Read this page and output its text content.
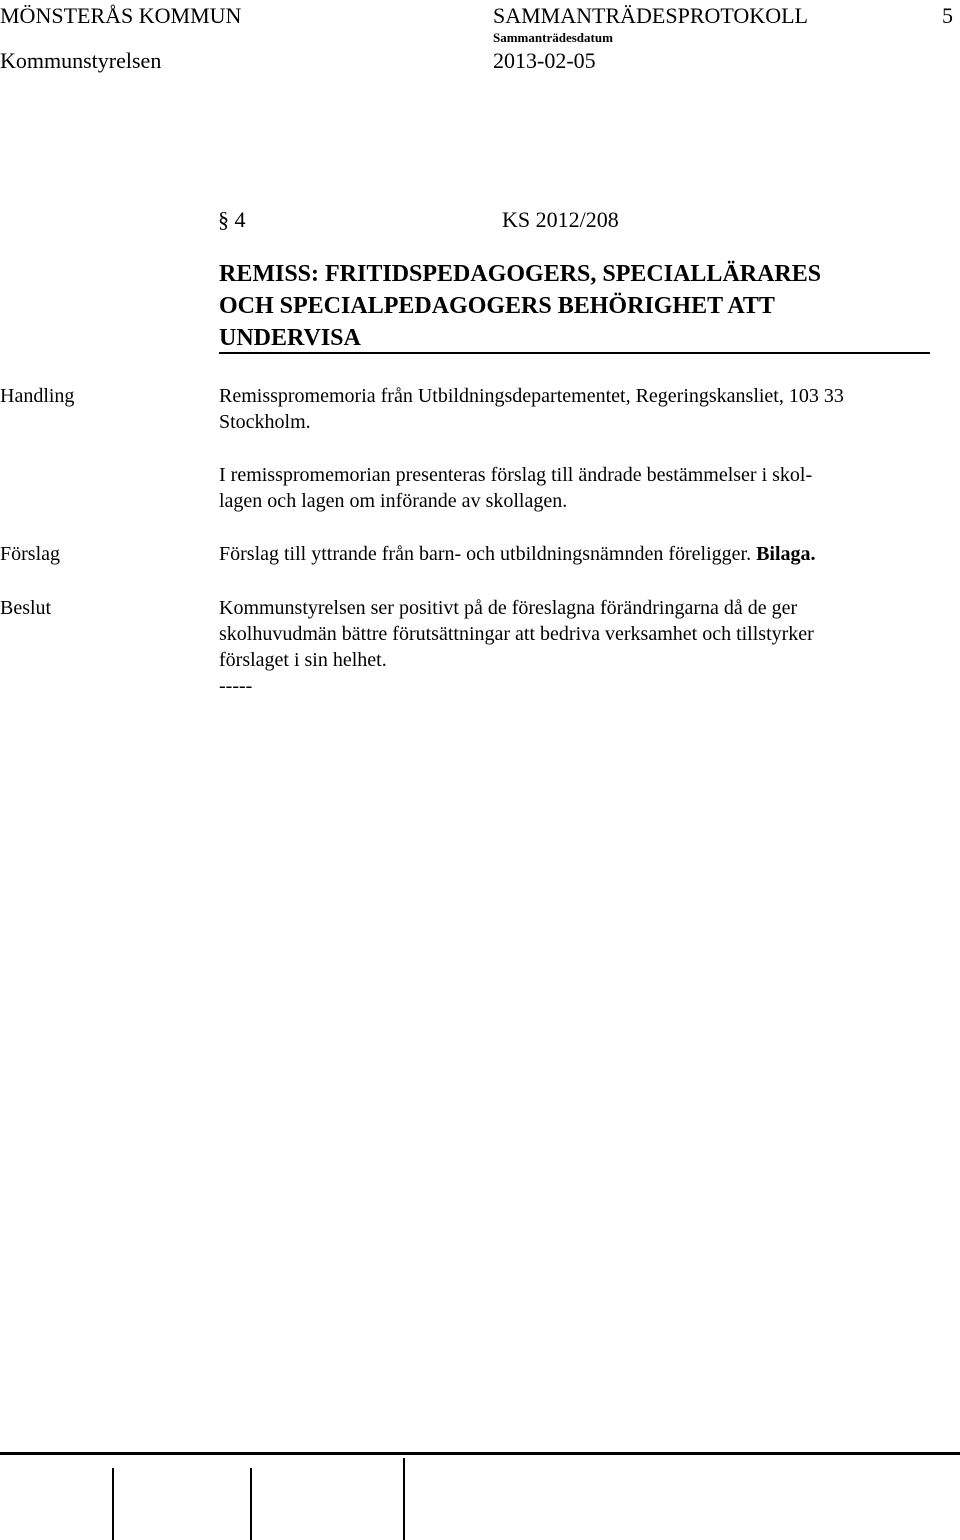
MÖNSTERÅS KOMMUN	SAMMANTRÄDESPROTOKOLL	5
Sammanträdesdatum
Kommunstyrelsen	2013-02-05
§ 4	KS 2012/208
REMISS: FRITIDSPEDAGOGERS, SPECIALLÄRARES
OCH SPECIALPEDAGOGERS BEHÖRIGHET ATT
UNDERVISA
Handling	Remisspromemoria från Utbildningsdepartementet, Regeringskansliet, 103 33
Stockholm.
I remisspromemorian presenteras förslag till ändrade bestämmelser i skol-
lagen och lagen om införande av skollagen.
Förslag	Förslag till yttrande från barn- och utbildningsnämnden föreligger. Bilaga.
Beslut	Kommunstyrelsen ser positivt på de föreslagna förändringarna då de ger
skolhuvudmän bättre förutsättningar att bedriva verksamhet och tillstyrker
förslaget i sin helhet.
-----
